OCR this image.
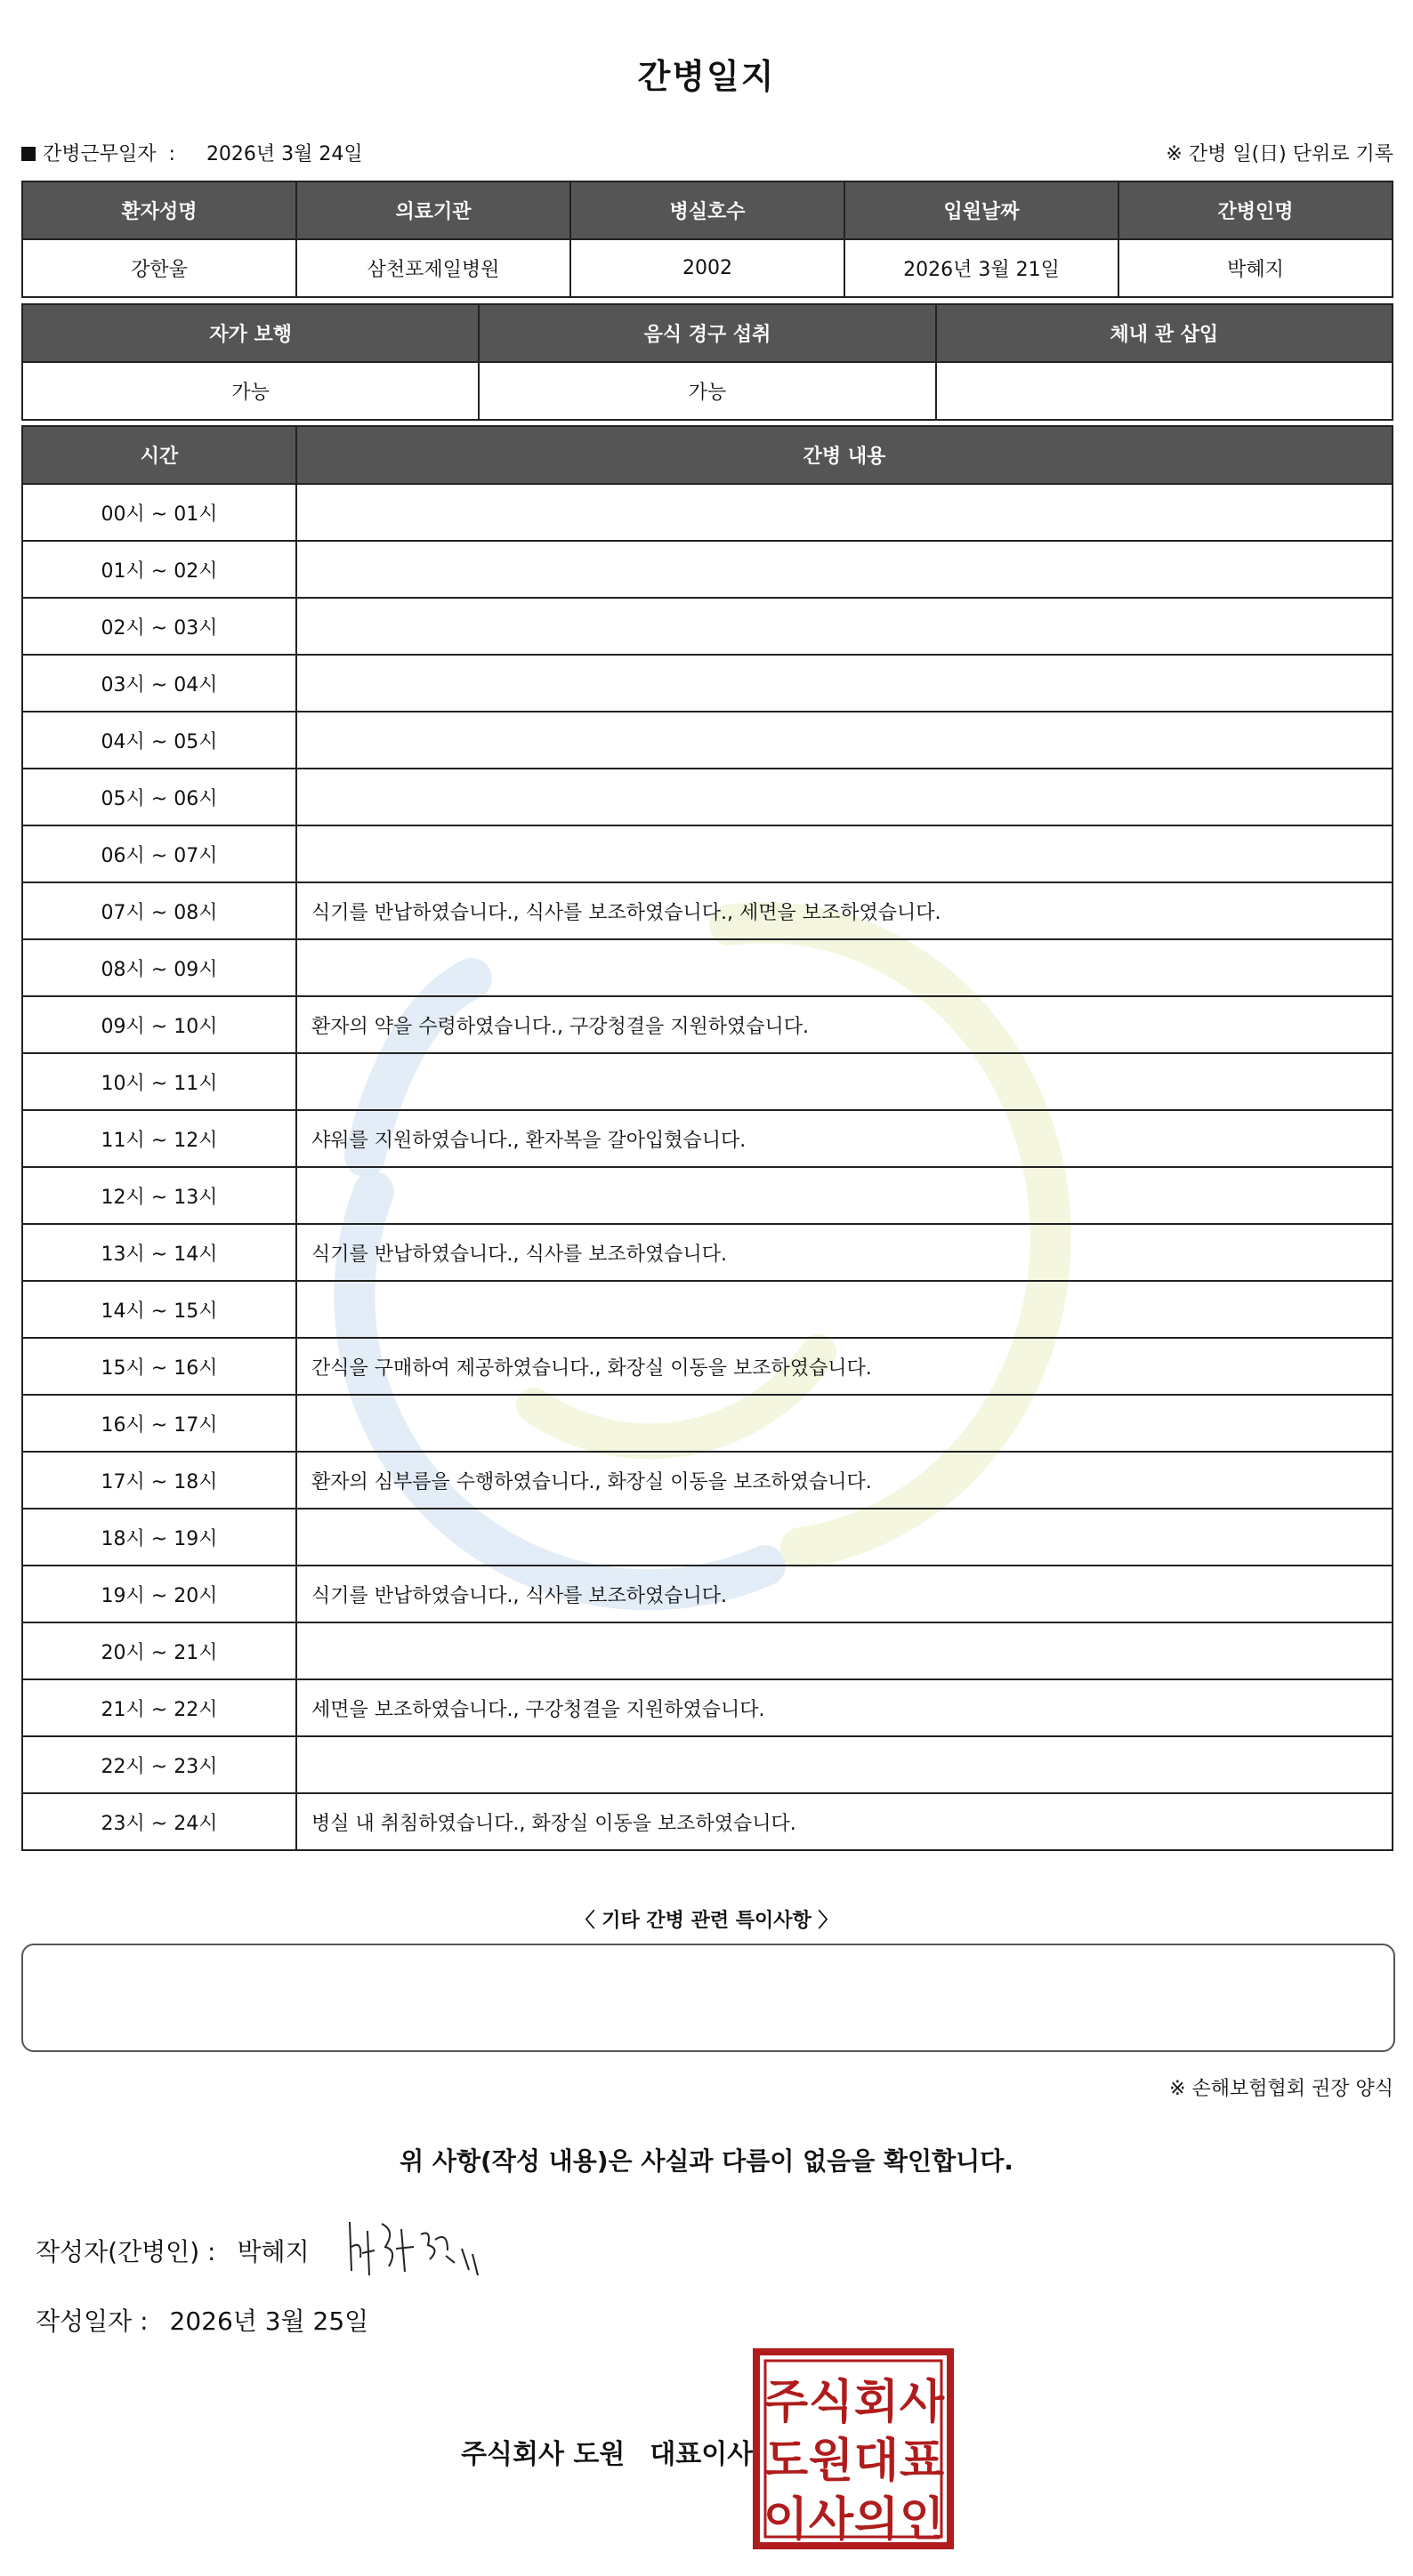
간병일지
간병근무일자 : 2026년 3월 24일	※ 간병 일(日) 단위로 기록
환자성명	의료기관	병실호수	입원날짜	간병인명
강한울	삼천포제일병원	2002	2026년 3월 21일	박혜지
자가 보행	음식 경구 섭취	체내 관 삽입
가능	가능	
시간	간병 내용
00시 ~ 01시	
01시 ~ 02시	
02시 ~ 03시	
03시 ~ 04시	
04시 ~ 05시	
05시 ~ 06시	
06시 ~ 07시	
07시 ~ 08시	식기를 반납하였습니다., 식사를 보조하였습니다., 세면을 보조하였습니다.
08시 ~ 09시	
09시 ~ 10시	환자의 약을 수령하였습니다., 구강청결을 지원하였습니다.
10시 ~ 11시	
11시 ~ 12시	샤워를 지원하였습니다., 환자복을 갈아입혔습니다.
12시 ~ 13시	
13시 ~ 14시	식기를 반납하였습니다., 식사를 보조하였습니다.
14시 ~ 15시	
15시 ~ 16시	간식을 구매하여 제공하였습니다., 화장실 이동을 보조하였습니다.
16시 ~ 17시	
17시 ~ 18시	환자의 심부름을 수행하였습니다., 화장실 이동을 보조하였습니다.
18시 ~ 19시	
19시 ~ 20시	식기를 반납하였습니다., 식사를 보조하였습니다.
20시 ~ 21시	
21시 ~ 22시	세면을 보조하였습니다., 구강청결을 지원하였습니다.
22시 ~ 23시	
23시 ~ 24시	병실 내 취침하였습니다., 화장실 이동을 보조하였습니다.
〈 기타 간병 관련 특이사항 〉
※ 손해보험협회 권장 양식
위 사항(작성 내용)은 사실과 다름이 없음을 확인합니다.
작성자(간병인) : 박혜지
작성일자 : 2026년 3월 25일
주식회사 도원 대표이사
주 식 회 사
도 원 대 표
이 사 의 인
